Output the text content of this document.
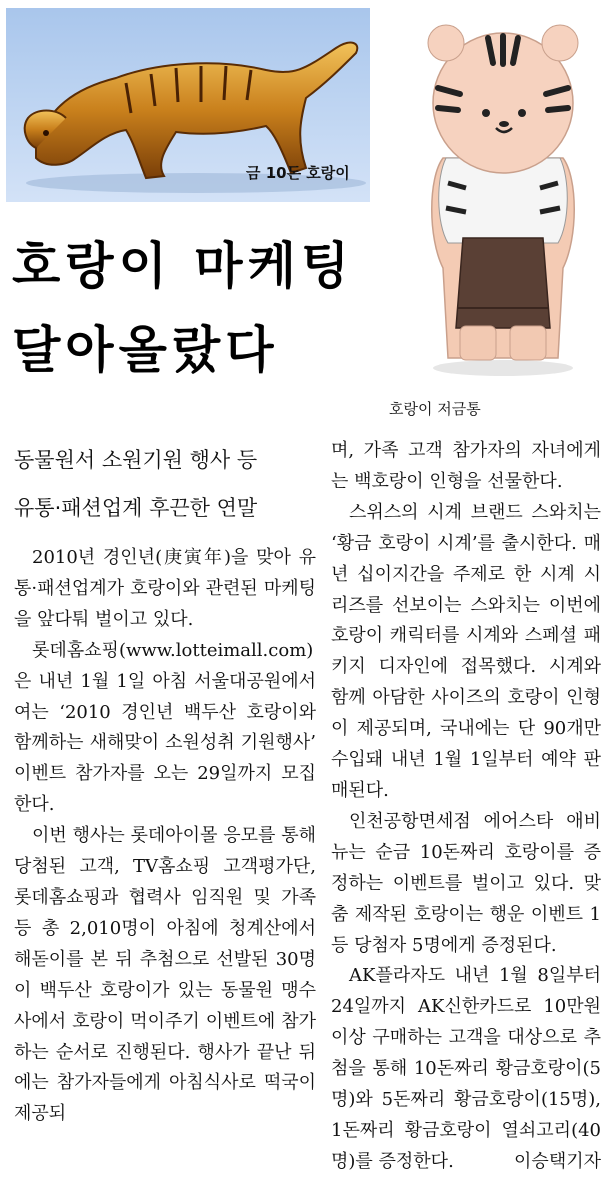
금 10돈 호랑이
호랑이 저금통
호랑이 마케팅
달아올랐다
동물원서 소원기원 행사 등
유통·패션업계 후끈한 연말

2010년 경인년(庚寅年)을 맞아 유통·패션업계가 호랑이와 관련된 마케팅을 앞다퉈 벌이고 있다.

롯데홈쇼핑(www.lotteimall.com)은 내년 1월 1일 아침 서울대공원에서 여는 ‘2010 경인년 백두산 호랑이와 함께하는 새해맞이 소원성취 기원행사’ 이벤트 참가자를 오는 29일까지 모집한다.

이번 행사는 롯데아이몰 응모를 통해 당첨된 고객, TV홈쇼핑 고객평가단, 롯데홈쇼핑과 협력사 임직원 및 가족 등 총 2,010명이 아침에 청계산에서 해돋이를 본 뒤 추첨으로 선발된 30명이 백두산 호랑이가 있는 동물원 맹수사에서 호랑이 먹이주기 이벤트에 참가하는 순서로 진행된다. 행사가 끝난 뒤에는 참가자들에게 아침식사로 떡국이 제공되

며, 가족 고객 참가자의 자녀에게는 백호랑이 인형을 선물한다.

스위스의 시계 브랜드 스와치는 ‘황금 호랑이 시계’를 출시한다. 매년 십이지간을 주제로 한 시계 시리즈를 선보이는 스와치는 이번에 호랑이 캐릭터를 시계와 스페셜 패키지 디자인에 접목했다. 시계와 함께 아담한 사이즈의 호랑이 인형이 제공되며, 국내에는 단 90개만 수입돼 내년 1월 1일부터 예약 판매된다.

인천공항면세점 에어스타 애비뉴는 순금 10돈짜리 호랑이를 증정하는 이벤트를 벌이고 있다. 맞춤 제작된 호랑이는 행운 이벤트 1등 당첨자 5명에게 증정된다.

AK플라자도 내년 1월 8일부터 24일까지 AK신한카드로 10만원이상 구매하는 고객을 대상으로 추첨을 통해 10돈짜리 황금호랑이(5명)와 5돈짜리 황금호랑이(15명), 1돈짜리 황금호랑이 열쇠고리(40명)를 증정한다.	이승택기자
